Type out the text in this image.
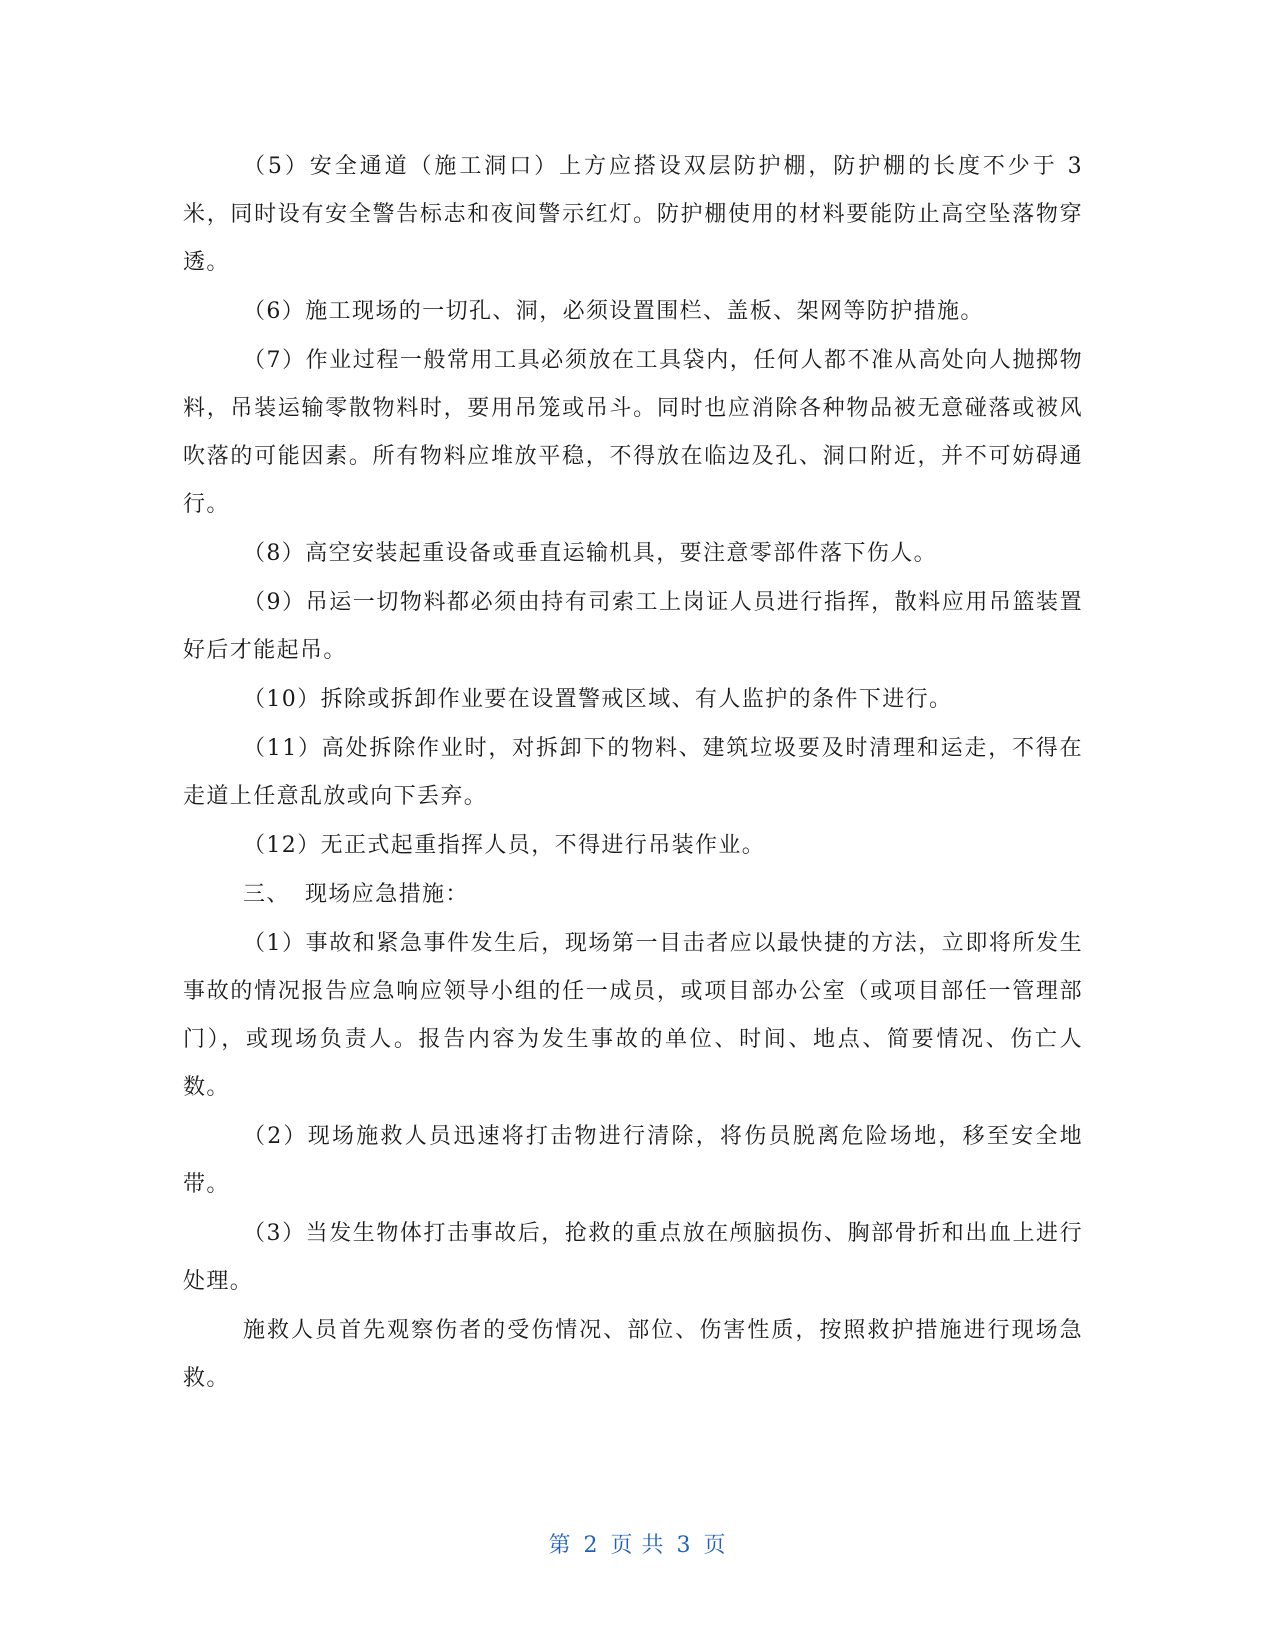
（5）安全通道（施工洞口）上方应搭设双层防护棚，防护棚的长度不少于 3 米，同时设有安全警告标志和夜间警示红灯。防护棚使用的材料要能防止高空坠落物穿透。

（6）施工现场的一切孔、洞，必须设置围栏、盖板、架网等防护措施。

（7）作业过程一般常用工具必须放在工具袋内，任何人都不准从高处向人抛掷物料，吊装运输零散物料时，要用吊笼或吊斗。同时也应消除各种物品被无意碰落或被风吹落的可能因素。所有物料应堆放平稳，不得放在临边及孔、洞口附近，并不可妨碍通行。

（8）高空安装起重设备或垂直运输机具，要注意零部件落下伤人。

（9）吊运一切物料都必须由持有司索工上岗证人员进行指挥，散料应用吊篮装置好后才能起吊。

（10）拆除或拆卸作业要在设置警戒区域、有人监护的条件下进行。

（11）高处拆除作业时，对拆卸下的物料、建筑垃圾要及时清理和运走，不得在走道上任意乱放或向下丢弃。

（12）无正式起重指挥人员，不得进行吊装作业。

三、 现场应急措施：

（1）事故和紧急事件发生后，现场第一目击者应以最快捷的方法，立即将所发生事故的情况报告应急响应领导小组的任一成员，或项目部办公室（或项目部任一管理部门），或现场负责人。报告内容为发生事故的单位、时间、地点、简要情况、伤亡人数。

（2）现场施救人员迅速将打击物进行清除，将伤员脱离危险场地，移至安全地带。

（3）当发生物体打击事故后，抢救的重点放在颅脑损伤、胸部骨折和出血上进行处理。

施救人员首先观察伤者的受伤情况、部位、伤害性质，按照救护措施进行现场急救。

第 2 页 共 3 页
